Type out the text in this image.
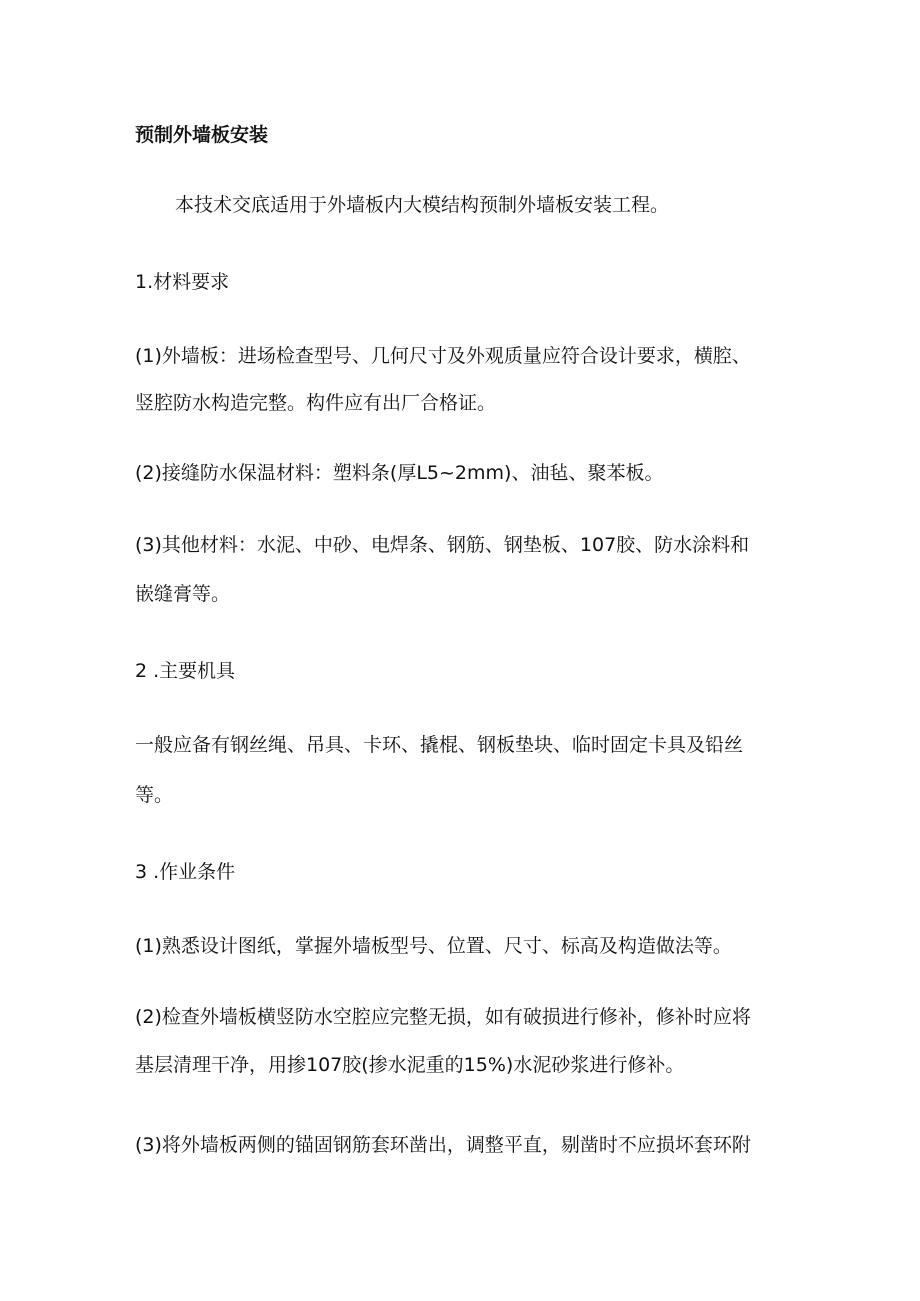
预制外墙板安装
本技术交底适用于外墙板内大模结构预制外墙板安装工程。
1.材料要求
(1)外墙板：进场检查型号、几何尺寸及外观质量应符合设计要求，横腔、
竖腔防水构造完整。构件应有出厂合格证。
(2)接缝防水保温材料：塑料条(厚L5~2mm)、油毡、聚苯板。
(3)其他材料：水泥、中砂、电焊条、钢筋、钢垫板、107胶、防水涂料和
嵌缝膏等。
2 .主要机具
一般应备有钢丝绳、吊具、卡环、撬棍、钢板垫块、临时固定卡具及铅丝
等。
3 .作业条件
(1)熟悉设计图纸，掌握外墙板型号、位置、尺寸、标高及构造做法等。
(2)检查外墙板横竖防水空腔应完整无损，如有破损进行修补，修补时应将
基层清理干净，用掺107胶(掺水泥重的15%)水泥砂浆进行修补。
(3)将外墙板两侧的锚固钢筋套环凿出，调整平直，剔凿时不应损坏套环附
